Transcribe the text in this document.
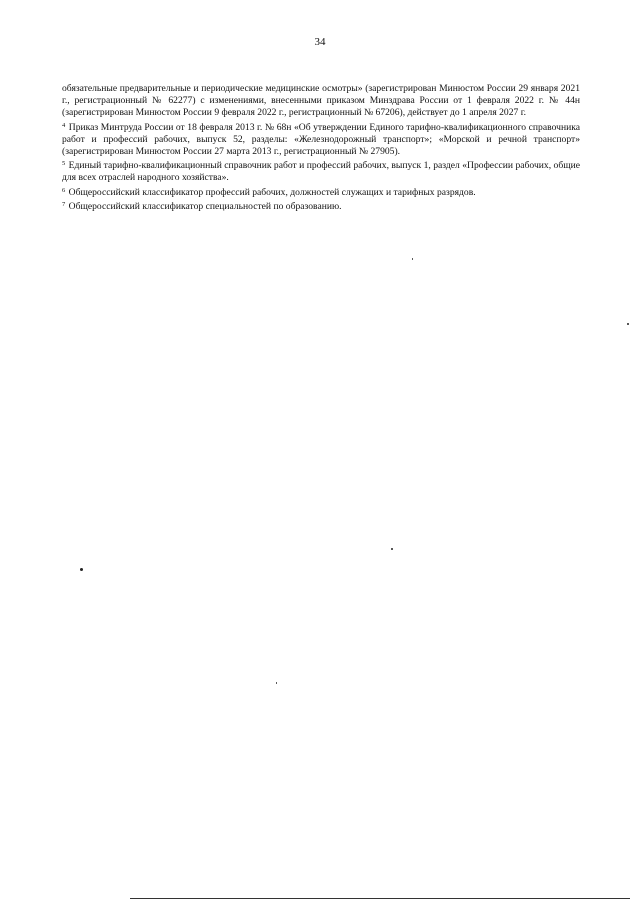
34

обязательные предварительные и периодические медицинские осмотры» (зарегистрирован Минюстом России 29 января 2021 г., регистрационный № 62277) с изменениями, внесенными приказом Минздрава России от 1 февраля 2022 г. № 44н (зарегистрирован Минюстом России 9 февраля 2022 г., регистрационный № 67206), действует до 1 апреля 2027 г.

$^4$ Приказ Минтруда России от 18 февраля 2013 г. № 68н «Об утверждении Единого тарифно-квалификационного справочника работ и профессий рабочих, выпуск 52, разделы: «Железнодорожный транспорт»; «Морской и речной транспорт» (зарегистрирован Минюстом России 27 марта 2013 г., регистрационный № 27905).

$^5$ Единый тарифно-квалификационный справочник работ и профессий рабочих, выпуск 1, раздел «Профессии рабочих, общие для всех отраслей народного хозяйства».

$^6$ Общероссийский классификатор профессий рабочих, должностей служащих и тарифных разрядов.

$^7$ Общероссийский классификатор специальностей по образованию.
